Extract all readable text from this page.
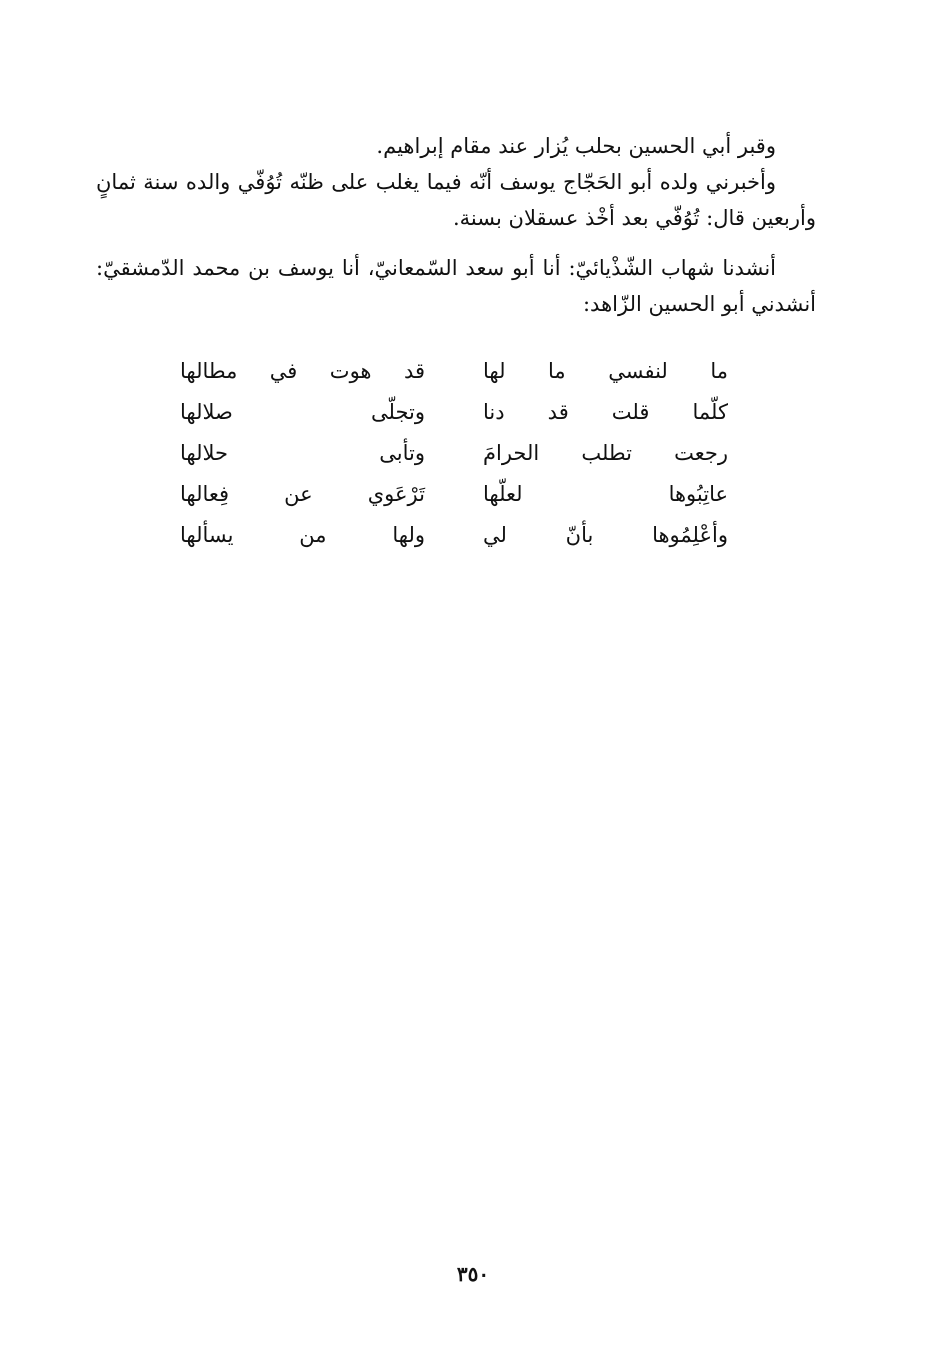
وقبر أبي الحسين بحلب يُزار عند مقام إبراهيم.

وأخبرني ولده أبو الحَجّاج يوسف أنّه فيما يغلب على ظنّه تُوُفّي والده سنة ثمانٍ وأربعين قال: تُوُفّي بعد أخْذ عسقلان بسنة.

أنشدنا شهاب الشّذْيائيّ: أنا أبو سعد السّمعانيّ، أنا يوسف بن محمد الدّمشقيّ: أنشدني أبو الحسين الزّاهد:

ما لنفسي ما لها
قد هوت في مطالها
كلّما قلت قد دنا
وتجلّى صلالها
رجعت تطلب الحرامَ
وتأبى حلالها
عاتِبُوها لعلّها
تَرْعَوي عن فِعالها
وأعْلِمُوها بأنّ لي
ولها من يسألها
٣٥٠
